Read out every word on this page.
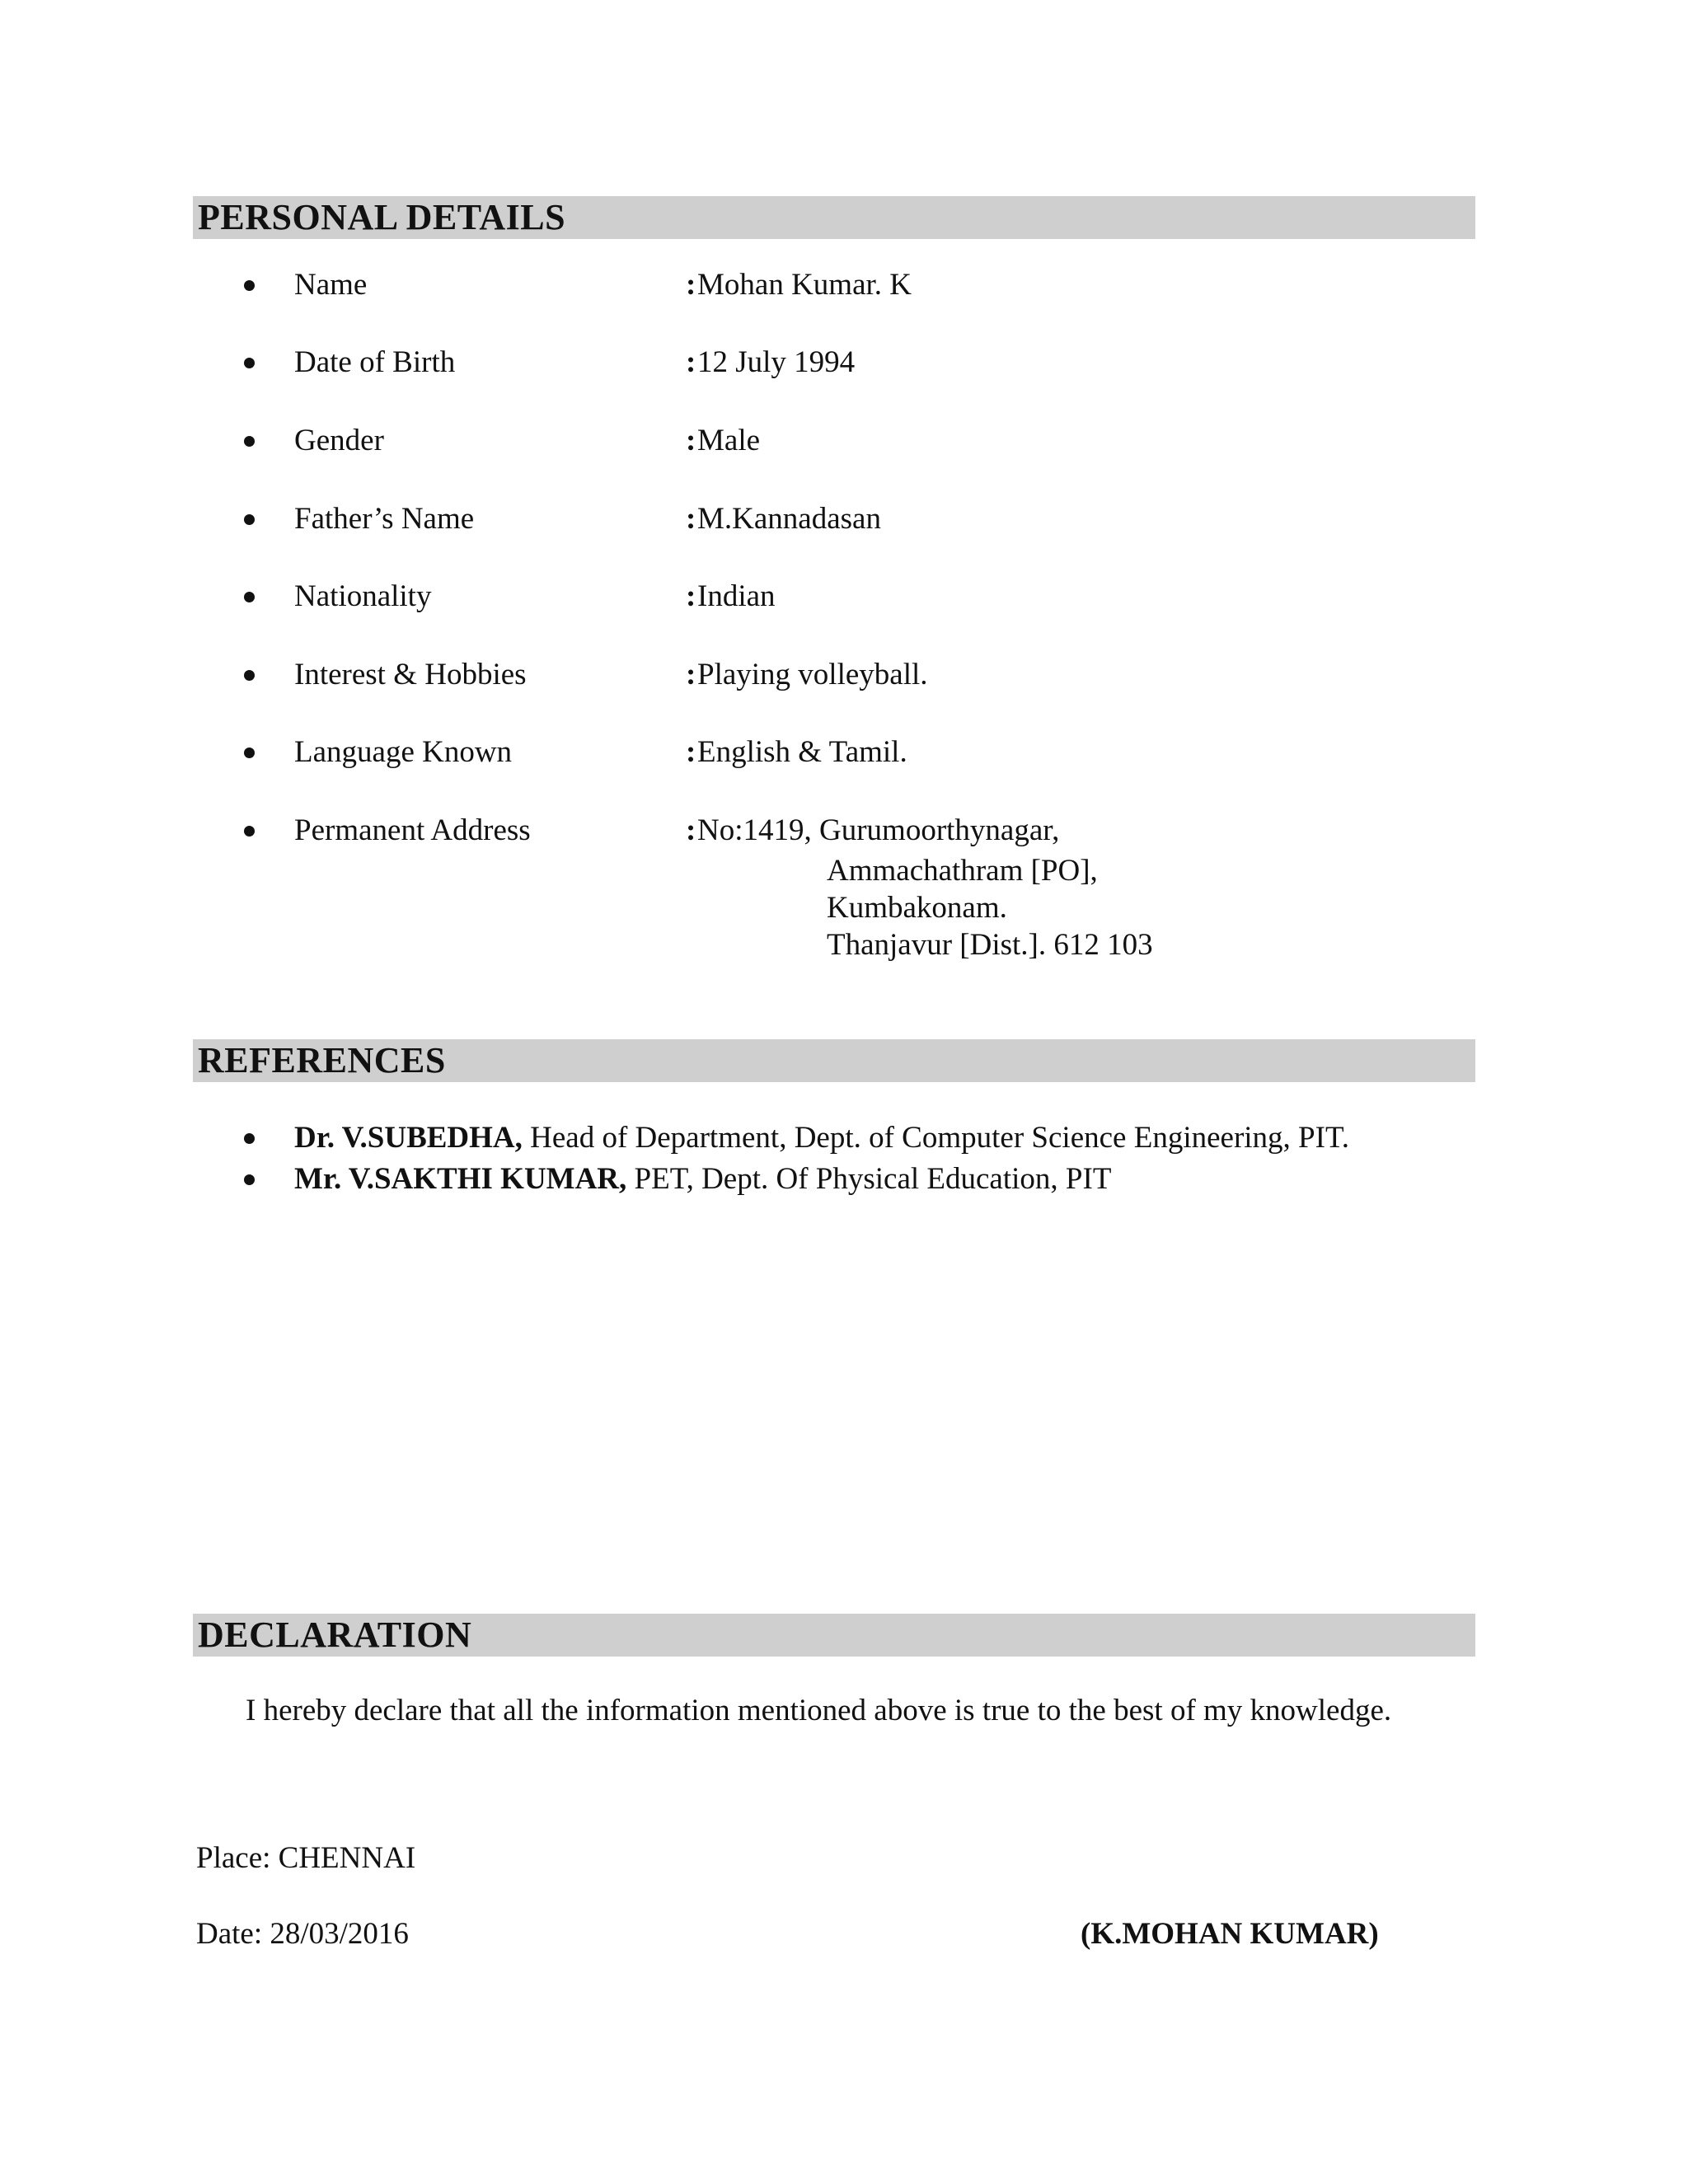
PERSONAL DETAILS
Name	: Mohan Kumar. K
Date of Birth	: 12 July 1994
Gender	: Male
Father’s Name	: M.Kannadasan
Nationality	: Indian
Interest & Hobbies	: Playing volleyball.
Language Known	: English & Tamil.
Permanent Address	: No:1419, Gurumoorthynagar,
Ammachathram [PO],
Kumbakonam.
Thanjavur [Dist.]. 612 103
REFERENCES
Dr. V.SUBEDHA, Head of Department, Dept. of Computer Science Engineering, PIT.
Mr. V.SAKTHI KUMAR, PET, Dept. Of Physical Education, PIT
DECLARATION
I hereby declare that all the information mentioned above is true to the best of my knowledge.
Place: CHENNAI
Date: 28/03/2016	(K.MOHAN KUMAR)
